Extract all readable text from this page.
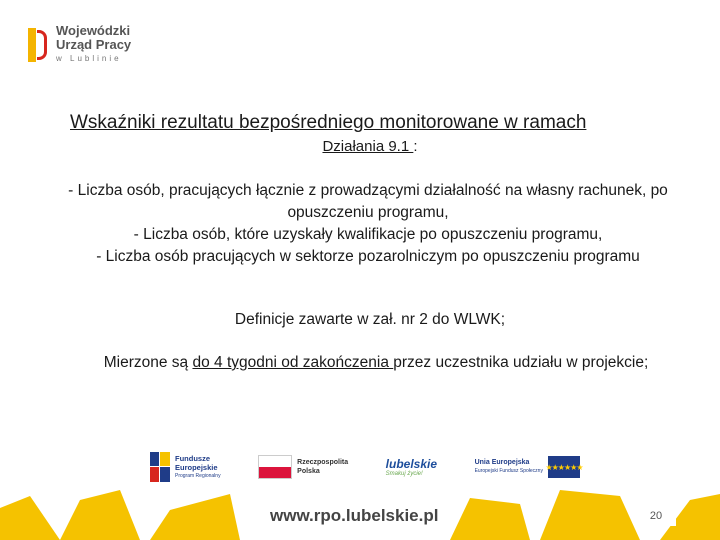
Wojewódzki
Urząd Pracy
w Lublinie
Wskaźniki rezultatu bezpośredniego monitorowane w ramach
Działania 9.1 :
- Liczba osób, pracujących łącznie z prowadzącymi działalność na własny rachunek, po opuszczeniu programu,
- Liczba osób, które uzyskały kwalifikacje po opuszczeniu programu,
- Liczba osób pracujących w sektorze pozarolniczym po opuszczeniu programu
Definicje zawarte w zał. nr 2 do WLWK;
Mierzone są do 4 tygodni od zakończenia przez uczestnika udziału w projekcie;
Fundusze
Europejskie
Program Regionalny
Rzeczpospolita
Polska
lubelskie
Smakuj życie!
Unia Europejska
Europejski Fundusz Społeczny ★★★★★★
www.rpo.lubelskie.pl	20
